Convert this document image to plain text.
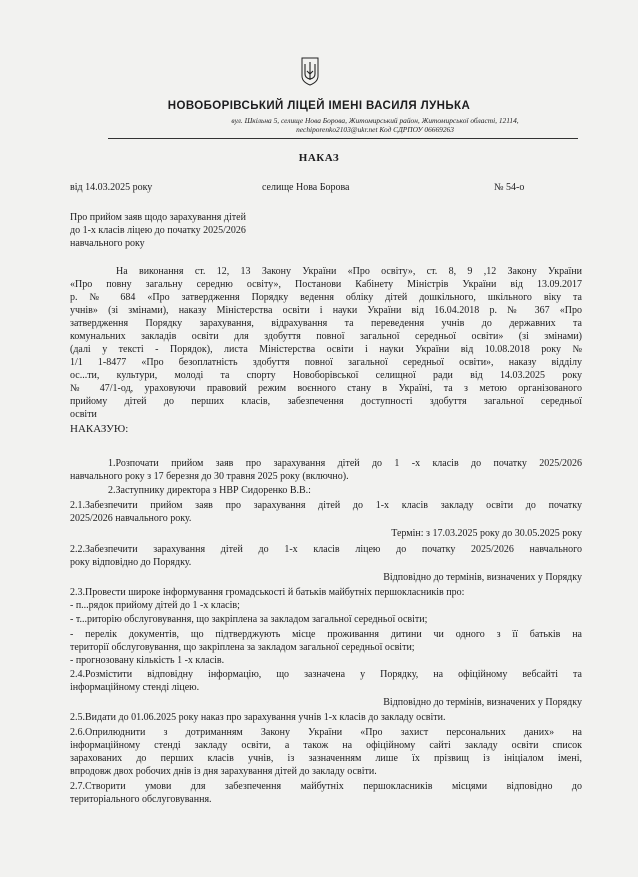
НОВОБОРІВСЬКИЙ ЛІЦЕЙ ІМЕНІ ВАСИЛЯ ЛУНЬКА
вул. Шкільна 5, селище Нова Борова, Житомирський район, Житомирської області, 12114,
nechiporenko2103@ukr.net Код СДРПОУ 06669263
НАКАЗ
від 14.03.2025 року	селище Нова Борова	№ 54-о
Про прийом заяв щодо зарахування дітей
до 1-х класів ліцею до початку 2025/2026
навчального року
На виконання ст. 12, 13 Закону України «Про освіту», ст. 8, 9 ,12 Закону України
«Про повну загальну середню освіту», Постанови Кабінету Міністрів України від 13.09.2017
р. № 684 «Про затвердження Порядку ведення обліку дітей дошкільного, шкільного віку та
учнів» (зі змінами), наказу Міністерства освіти і науки України від 16.04.2018 р. № 367 «Про
затвердження Порядку зарахування, відрахування та переведення учнів до державних та
комунальних закладів освіти для здобуття повної загальної середньої освіти» (зі змінами)
(далі у тексті - Порядок), листа Міністерства освіти і науки України від 10.08.2018 року №
1/1 1-8477 «Про безоплатність здобуття повної загальної середньої освіти», наказу відділу
ос...ти, культури, молоді та спорту Новоборівської селищної ради від 14.03.2025 року
№ 47/1-од, ураховуючи правовий режим воєнного стану в Україні, та з метою організованого
прийому дітей до перших класів, забезпечення доступності здобуття загальної середньої
освіти
НАКАЗУЮ:
1.Розпочати прийом заяв про зарахування дітей до 1 -х класів до початку 2025/2026
навчального року з 17 березня до 30 травня 2025 року (включно).
2.Заступнику директора з НВР Сидоренко В.В.:
2.1.Забезпечити прийом заяв про зарахування дітей до 1-х класів закладу освіти до початку
2025/2026 навчального року.
Термін: з 17.03.2025 року до 30.05.2025 року
2.2.Забезпечити зарахування дітей до 1-х класів ліцею до початку 2025/2026 навчального
року відповідно до Порядку.
Відповідно до термінів, визначених у Порядку
2.3.Провести широке інформування громадськості й батьків майбутніх першокласників про:
- п...рядок прийому дітей до 1 -х класів;
- т...риторію обслуговування, що закріплена за закладом загальної середньої освіти;
- перелік документів, що підтверджують місце проживання дитини чи одного з її батьків на
території обслуговування, що закріплена за закладом загальної середньої освіти;
- прогнозовану кількість 1 -х класів.
2.4.Розмістити відповідну інформацію, що зазначена у Порядку, на офіційному вебсайті та
інформаційному стенді ліцею.
Відповідно до термінів, визначених у Порядку
2.5.Видати до 01.06.2025 року наказ про зарахування учнів 1-х класів до закладу освіти.
2.6.Оприлюднити з дотриманням Закону України «Про захист персональних даних» на
інформаційному стенді закладу освіти, а також на офіційному сайті закладу освіти список
зарахованих до перших класів учнів, із зазначенням лише їх прізвищ із ініціалом імені,
впродовж двох робочих днів із дня зарахування дітей до закладу освіти.
2.7.Створити умови для забезпечення майбутніх першокласників місцями відповідно до
територіального обслуговування.
